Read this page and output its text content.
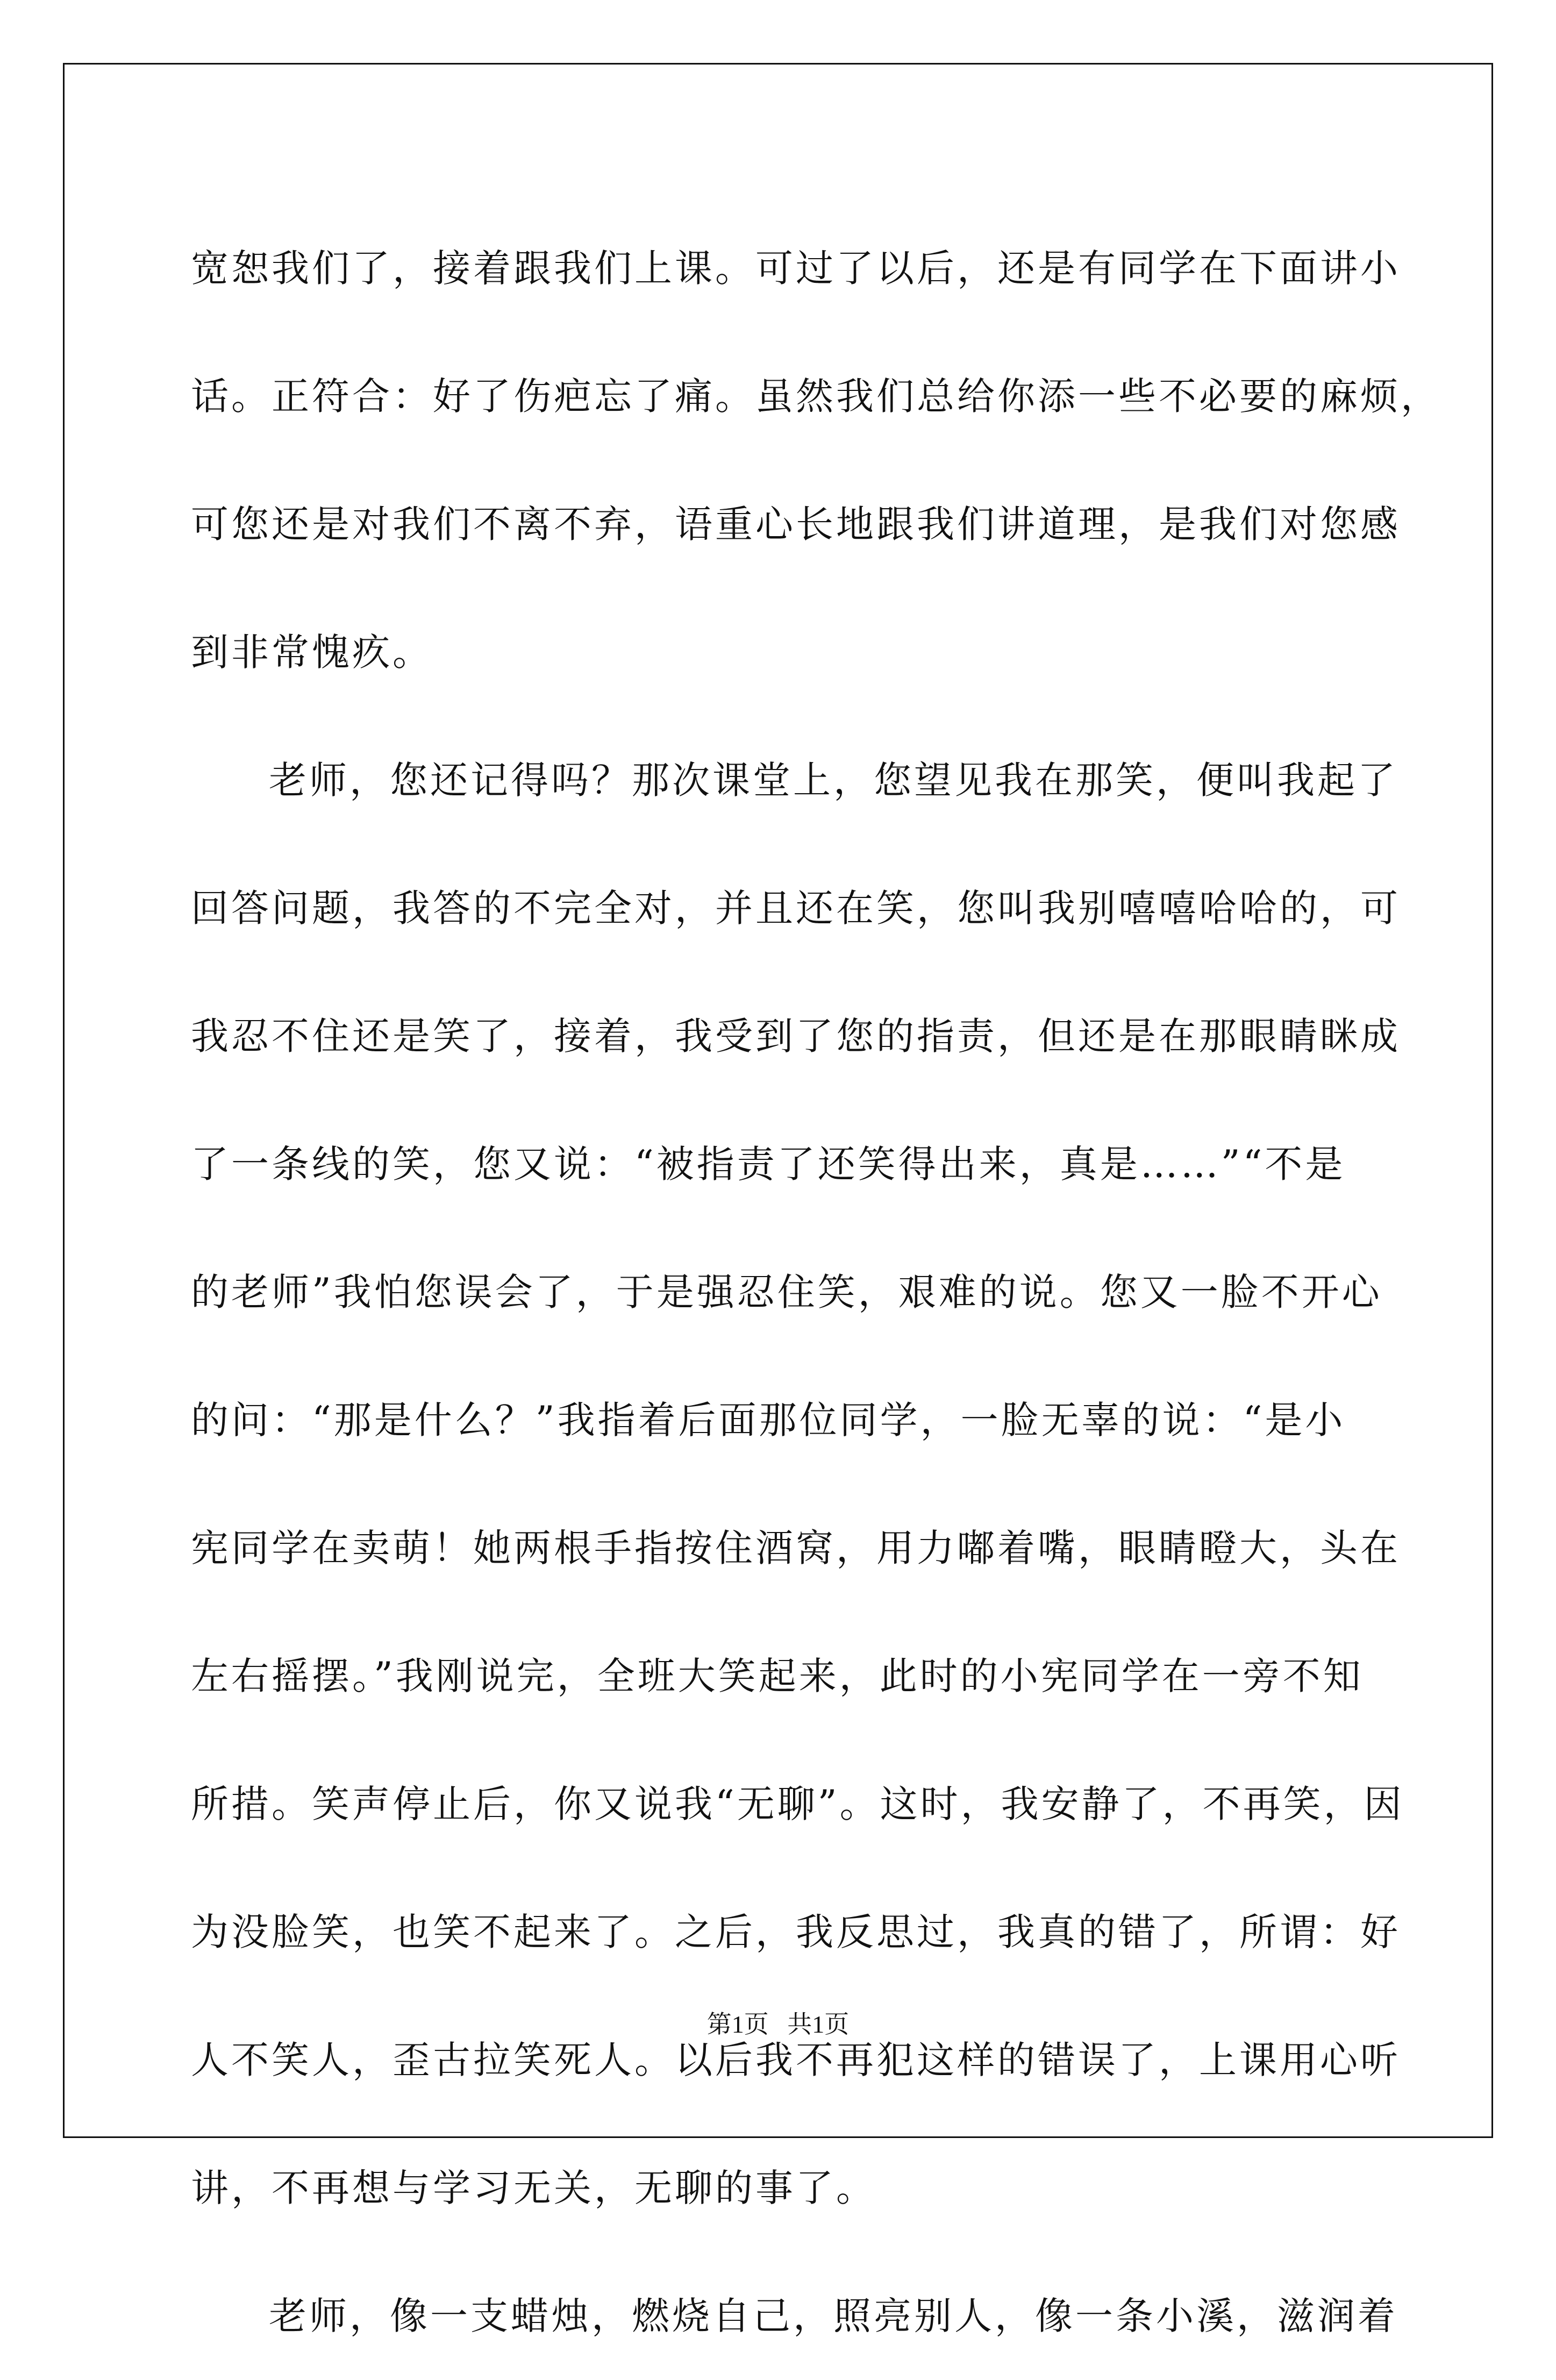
宽恕我们了，接着跟我们上课。可过了以后，还是有同学在下面讲小
话。正符合：好了伤疤忘了痛。虽然我们总给你添一些不必要的麻烦，
可您还是对我们不离不弃，语重心长地跟我们讲道理，是我们对您感
到非常愧疚。
老师，您还记得吗？那次课堂上，您望见我在那笑，便叫我起了
回答问题，我答的不完全对，并且还在笑，您叫我别嘻嘻哈哈的，可
我忍不住还是笑了，接着，我受到了您的指责，但还是在那眼睛眯成
了一条线的笑，您又说：“被指责了还笑得出来，真是……”“不是
的老师”我怕您误会了，于是强忍住笑，艰难的说。您又一脸不开心
的问：“那是什么？”我指着后面那位同学，一脸无辜的说：“是小
宪同学在卖萌！她两根手指按住酒窝，用力嘟着嘴，眼睛瞪大，头在
左右摇摆。”我刚说完，全班大笑起来，此时的小宪同学在一旁不知
所措。笑声停止后，你又说我“无聊”。这时，我安静了，不再笑，因
为没脸笑，也笑不起来了。之后，我反思过，我真的错了，所谓：好
人不笑人，歪古拉笑死人。以后我不再犯这样的错误了，上课用心听
讲，不再想与学习无关，无聊的事了。
老师，像一支蜡烛，燃烧自己，照亮别人，像一条小溪，滋润着
第1页   共1页
